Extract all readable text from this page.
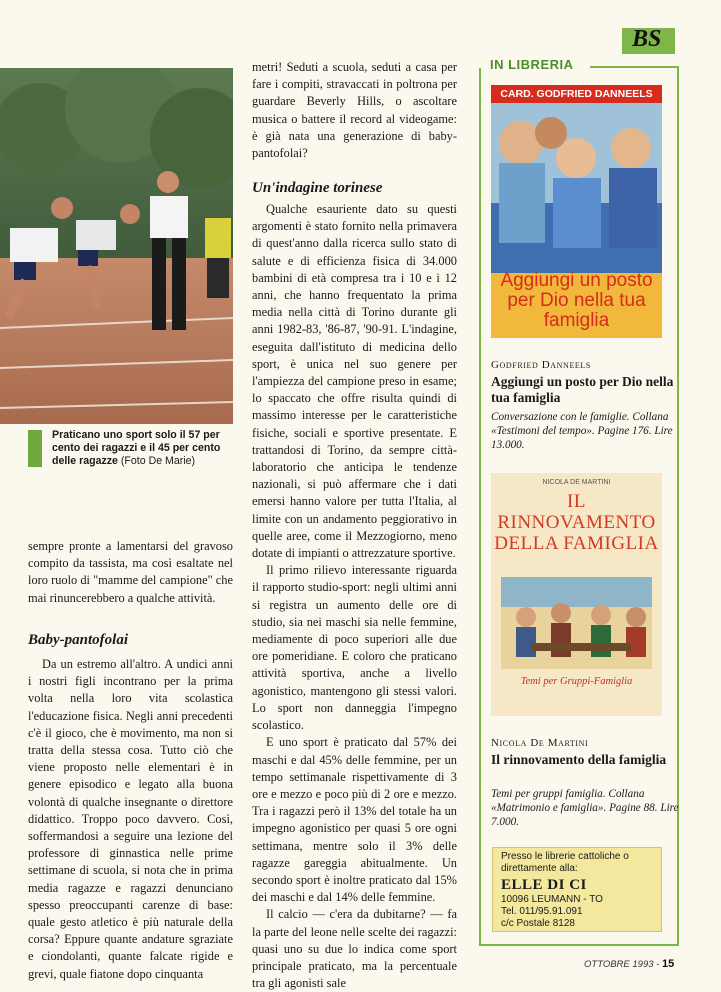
BS
Praticano uno sport solo il 57 per cento dei ragazzi e il 45 per cento delle ragazze (Foto De Marie)

sempre pronte a lamentarsi del gravoso compito da tassista, ma così esaltate nel loro ruolo di "mamme del campione" che mai rinuncerebbero a qualche attività.

Baby-pantofolai

Da un estremo all'altro. A undici anni i nostri figli incontrano per la prima volta nella loro vita scolastica l'educazione fisica. Negli anni precedenti c'è il gioco, che è movimento, ma non si tratta della stessa cosa. Tutto ciò che viene proposto nelle elementari è in genere episodico e legato alla buona volontà di qualche insegnante o direttore didattico. Troppo poco davvero. Così, soffermandosi a seguire una lezione del professore di ginnastica nelle prime settimane di scuola, si nota che in prima media ragazze e ragazzi denunciano spesso preoccupanti carenze di base: quale gesto atletico è più naturale della corsa? Eppure quante andature sgraziate e ciondolanti, quante falcate rigide e grevi, quale fiatone dopo cinquanta

metri! Seduti a scuola, seduti a casa per fare i compiti, stravaccati in poltrona per guardare Beverly Hills, o ascoltare musica o battere il record al videogame: è già nata una generazione di baby-pantofolai?

Un'indagine torinese

Qualche esauriente dato su questi argomenti è stato fornito nella primavera di quest'anno dalla ricerca sullo stato di salute e di efficienza fisica di 34.000 bambini di età compresa tra i 10 e i 12 anni, che hanno frequentato la prima media nella città di Torino durante gli anni 1982-83, '86-87, '90-91. L'indagine, eseguita dall'istituto di medicina dello sport, è unica nel suo genere per l'ampiezza del campione preso in esame; lo spaccato che offre risulta quindi di massimo interesse per le caratteristiche fisiche, sociali e sportive presentate. E trattandosi di Torino, da sempre città-laboratorio che anticipa le tendenze nazionali, si può affermare che i dati emersi hanno valore per tutta l'Italia, al limite con un andamento peggiorativo in quelle aree, come il Mezzogiorno, meno dotate di impianti o attrezzature sportive.

Il primo rilievo interessante riguarda il rapporto studio-sport: negli ultimi anni si registra un aumento delle ore di studio, sia nei maschi sia nelle femmine, mediamente di poco superiori alle due ore pomeridiane. E coloro che praticano attività sportiva, anche a livello agonistico, mantengono gli stessi valori. Lo sport non danneggia l'impegno scolastico.

E uno sport è praticato dal 57% dei maschi e dal 45% delle femmine, per un tempo settimanale rispettivamente di 3 ore e mezzo e poco più di 2 ore e mezzo. Tra i ragazzi però il 13% del totale ha un impegno agonistico per quasi 5 ore ogni settimana, mentre solo il 3% delle ragazze gareggia abitualmente. Un secondo sport è inoltre praticato dal 15% dei maschi e dal 14% delle femmine.

Il calcio — c'era da dubitarne? — fa la parte del leone nelle scelte dei ragazzi: quasi uno su due lo indica come sport principale praticato, ma la percentuale tra gli agonisti sale

IN LIBRERIA
CARD. GODFRIED DANNEELS
Aggiungi un posto per Dio nella tua famiglia
Godfried Danneels
Aggiungi un posto per Dio nella tua famiglia
Conversazione con le famiglie. Collana «Testimoni del tempo». Pagine 176. Lire 13.000.
NICOLA DE MARTINI
IL RINNOVAMENTO DELLA FAMIGLIA
Temi per Gruppi-Famiglia
Nicola De Martini
Il rinnovamento della famiglia
Temi per gruppi famiglia. Collana «Matrimonio e famiglia». Pagine 88. Lire 7.000.
Presso le librerie cattoliche o direttamente alla:
ELLE DI CI
10096 LEUMANN - TO
Tel. 011/95.91.091
c/c Postale 8128
OTTOBRE 1993 - 15
